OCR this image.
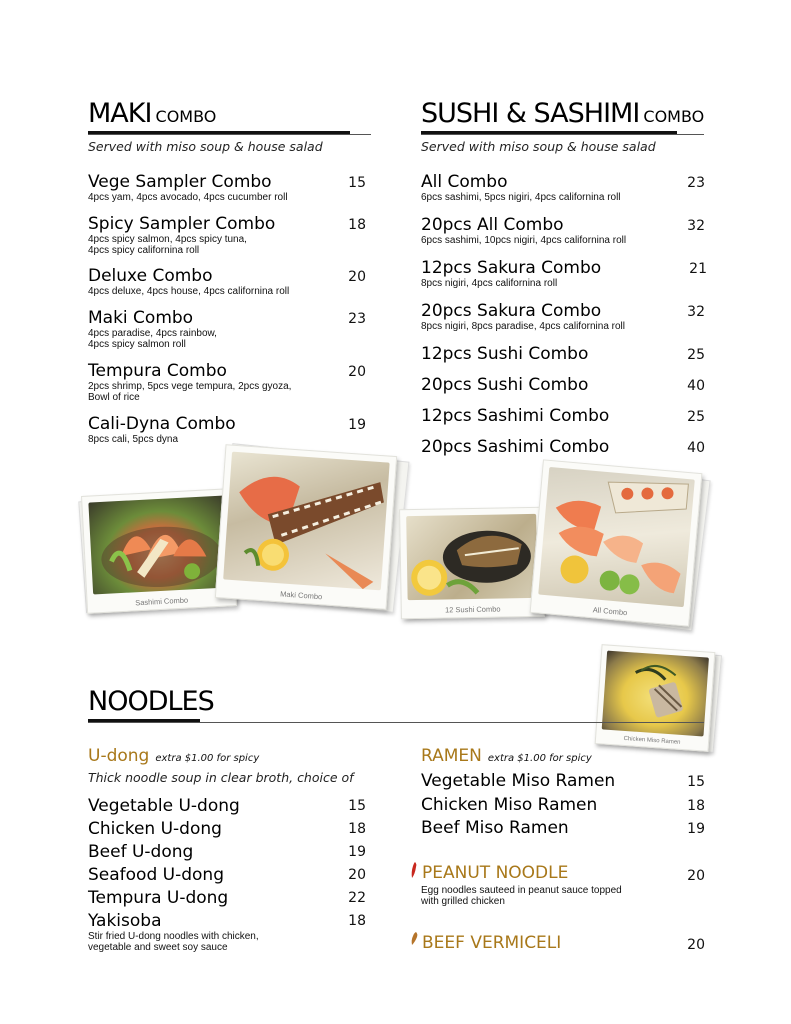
MAKI COMBO
Served with miso soup & house salad
Vege Sampler Combo
4pcs yam, 4pcs avocado, 4pcs cucumber roll
15
Spicy Sampler Combo
4pcs spicy salmon, 4pcs spicy tuna,
4pcs spicy californina roll
18
Deluxe Combo
4pcs deluxe, 4pcs house, 4pcs californina roll
20
Maki Combo
4pcs paradise, 4pcs rainbow,
4pcs spicy salmon roll
23
Tempura Combo
2pcs shrimp, 5pcs vege tempura, 2pcs gyoza,
Bowl of rice
20
Cali-Dyna Combo
8pcs cali, 5pcs dyna
19
SUSHI & SASHIMI COMBO
Served with miso soup & house salad
All Combo
6pcs sashimi, 5pcs nigiri, 4pcs californina roll
23
20pcs All Combo
6pcs sashimi, 10pcs nigiri, 4pcs californina roll
32
12pcs Sakura Combo
8pcs nigiri, 4pcs californina roll
21
20pcs Sakura Combo
8pcs nigiri, 8pcs paradise, 4pcs californina roll
32
12pcs Sushi Combo	25
20pcs Sushi Combo	40
12pcs Sashimi Combo	25
20pcs Sashimi Combo	40
Sashimi Combo
Maki Combo
12 Sushi Combo	All Combo
Chicken Miso Ramen
NOODLES
U-dong extra $1.00 for spicy
Thick noodle soup in clear broth, choice of
Vegetable U-dong	15
Chicken U-dong	18
Beef U-dong	19
Seafood U-dong	20
Tempura U-dong	22
Yakisoba
Stir fried U-dong noodles with chicken,
vegetable and sweet soy sauce
18
RAMEN extra $1.00 for spicy
Vegetable Miso Ramen	15
Chicken Miso Ramen	18
Beef Miso Ramen	19
PEANUT NOODLE	20
Egg noodles sauteed in peanut sauce topped
with grilled chicken
BEEF VERMICELI	20
